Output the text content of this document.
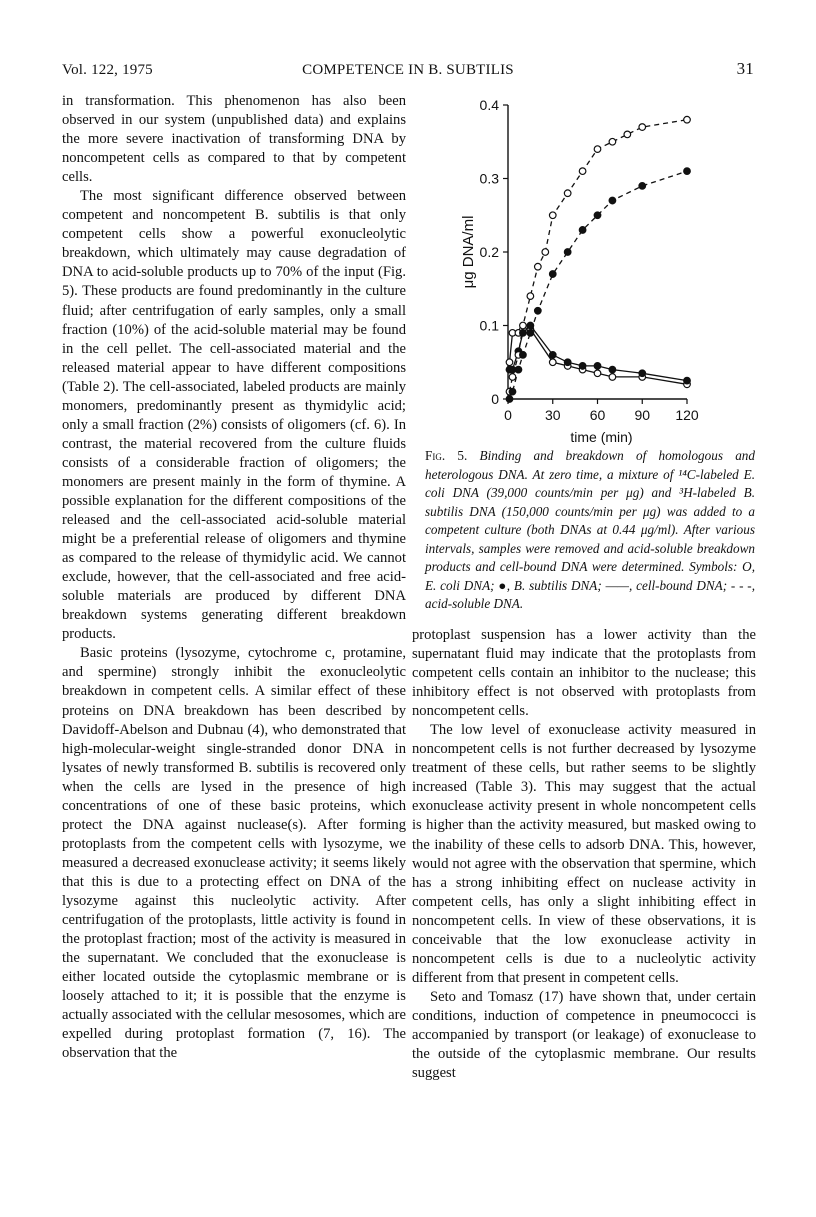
Vol. 122, 1975	COMPETENCE IN B. SUBTILIS	31

in transformation. This phenomenon has also been observed in our system (unpublished data) and explains the more severe inactivation of transforming DNA by noncompetent cells as compared to that by competent cells.

The most significant difference observed between competent and noncompetent B. subtilis is that only competent cells show a powerful exonucleolytic breakdown, which ultimately may cause degradation of DNA to acid-soluble products up to 70% of the input (Fig. 5). These products are found predominantly in the culture fluid; after centrifugation of early samples, only a small fraction (10%) of the acid-soluble material may be found in the cell pellet. The cell-associated material and the released material appear to have different compositions (Table 2). The cell-associated, labeled products are mainly monomers, predominantly present as thymidylic acid; only a small fraction (2%) consists of oligomers (cf. 6). In contrast, the material recovered from the culture fluids consists of a considerable fraction of oligomers; the monomers are present mainly in the form of thymine. A possible explanation for the different compositions of the released and the cell-associated acid-soluble material might be a preferential release of oligomers and thymine as compared to the release of thymidylic acid. We cannot exclude, however, that the cell-associated and free acid-soluble materials are produced by different DNA breakdown systems generating different breakdown products.

Basic proteins (lysozyme, cytochrome c, protamine, and spermine) strongly inhibit the exonucleolytic breakdown in competent cells. A similar effect of these proteins on DNA breakdown has been described by Davidoff-Abelson and Dubnau (4), who demonstrated that high-molecular-weight single-stranded donor DNA in lysates of newly transformed B. subtilis is recovered only when the cells are lysed in the presence of high concentrations of one of these basic proteins, which protect the DNA against nuclease(s). After forming protoplasts from the competent cells with lysozyme, we measured a decreased exonuclease activity; it seems likely that this is due to a protecting effect on DNA of the lysozyme against this nucleolytic activity. After centrifugation of the protoplasts, little activity is found in the protoplast fraction; most of the activity is measured in the supernatant. We concluded that the exonuclease is either located outside the cytoplasmic membrane or is loosely attached to it; it is possible that the enzyme is actually associated with the cellular mesosomes, which are expelled during protoplast formation (7, 16). The observation that the

0 30 60 90 120
0
0.1
0.2
0.3
0.4
time (min)
μg DNA/ml
Fig. 5. Binding and breakdown of homologous and heterologous DNA. At zero time, a mixture of ¹⁴C-labeled E. coli DNA (39,000 counts/min per μg) and ³H-labeled B. subtilis DNA (150,000 counts/min per μg) was added to a competent culture (both DNAs at 0.44 μg/ml). After various intervals, samples were removed and acid-soluble breakdown products and cell-bound DNA were determined. Symbols: O, E. coli DNA; ●, B. subtilis DNA; ——, cell-bound DNA; - - -, acid-soluble DNA.

protoplast suspension has a lower activity than the supernatant fluid may indicate that the protoplasts from competent cells contain an inhibitor to the nuclease; this inhibitory effect is not observed with protoplasts from noncompetent cells.

The low level of exonuclease activity measured in noncompetent cells is not further decreased by lysozyme treatment of these cells, but rather seems to be slightly increased (Table 3). This may suggest that the actual exonuclease activity present in whole noncompetent cells is higher than the activity measured, but masked owing to the inability of these cells to adsorb DNA. This, however, would not agree with the observation that spermine, which has a strong inhibiting effect on nuclease activity in competent cells, has only a slight inhibiting effect in noncompetent cells. In view of these observations, it is conceivable that the low exonuclease activity in noncompetent cells is due to a nucleolytic activity different from that present in competent cells.

Seto and Tomasz (17) have shown that, under certain conditions, induction of competence in pneumococci is accompanied by transport (or leakage) of exonuclease to the outside of the cytoplasmic membrane. Our results suggest
